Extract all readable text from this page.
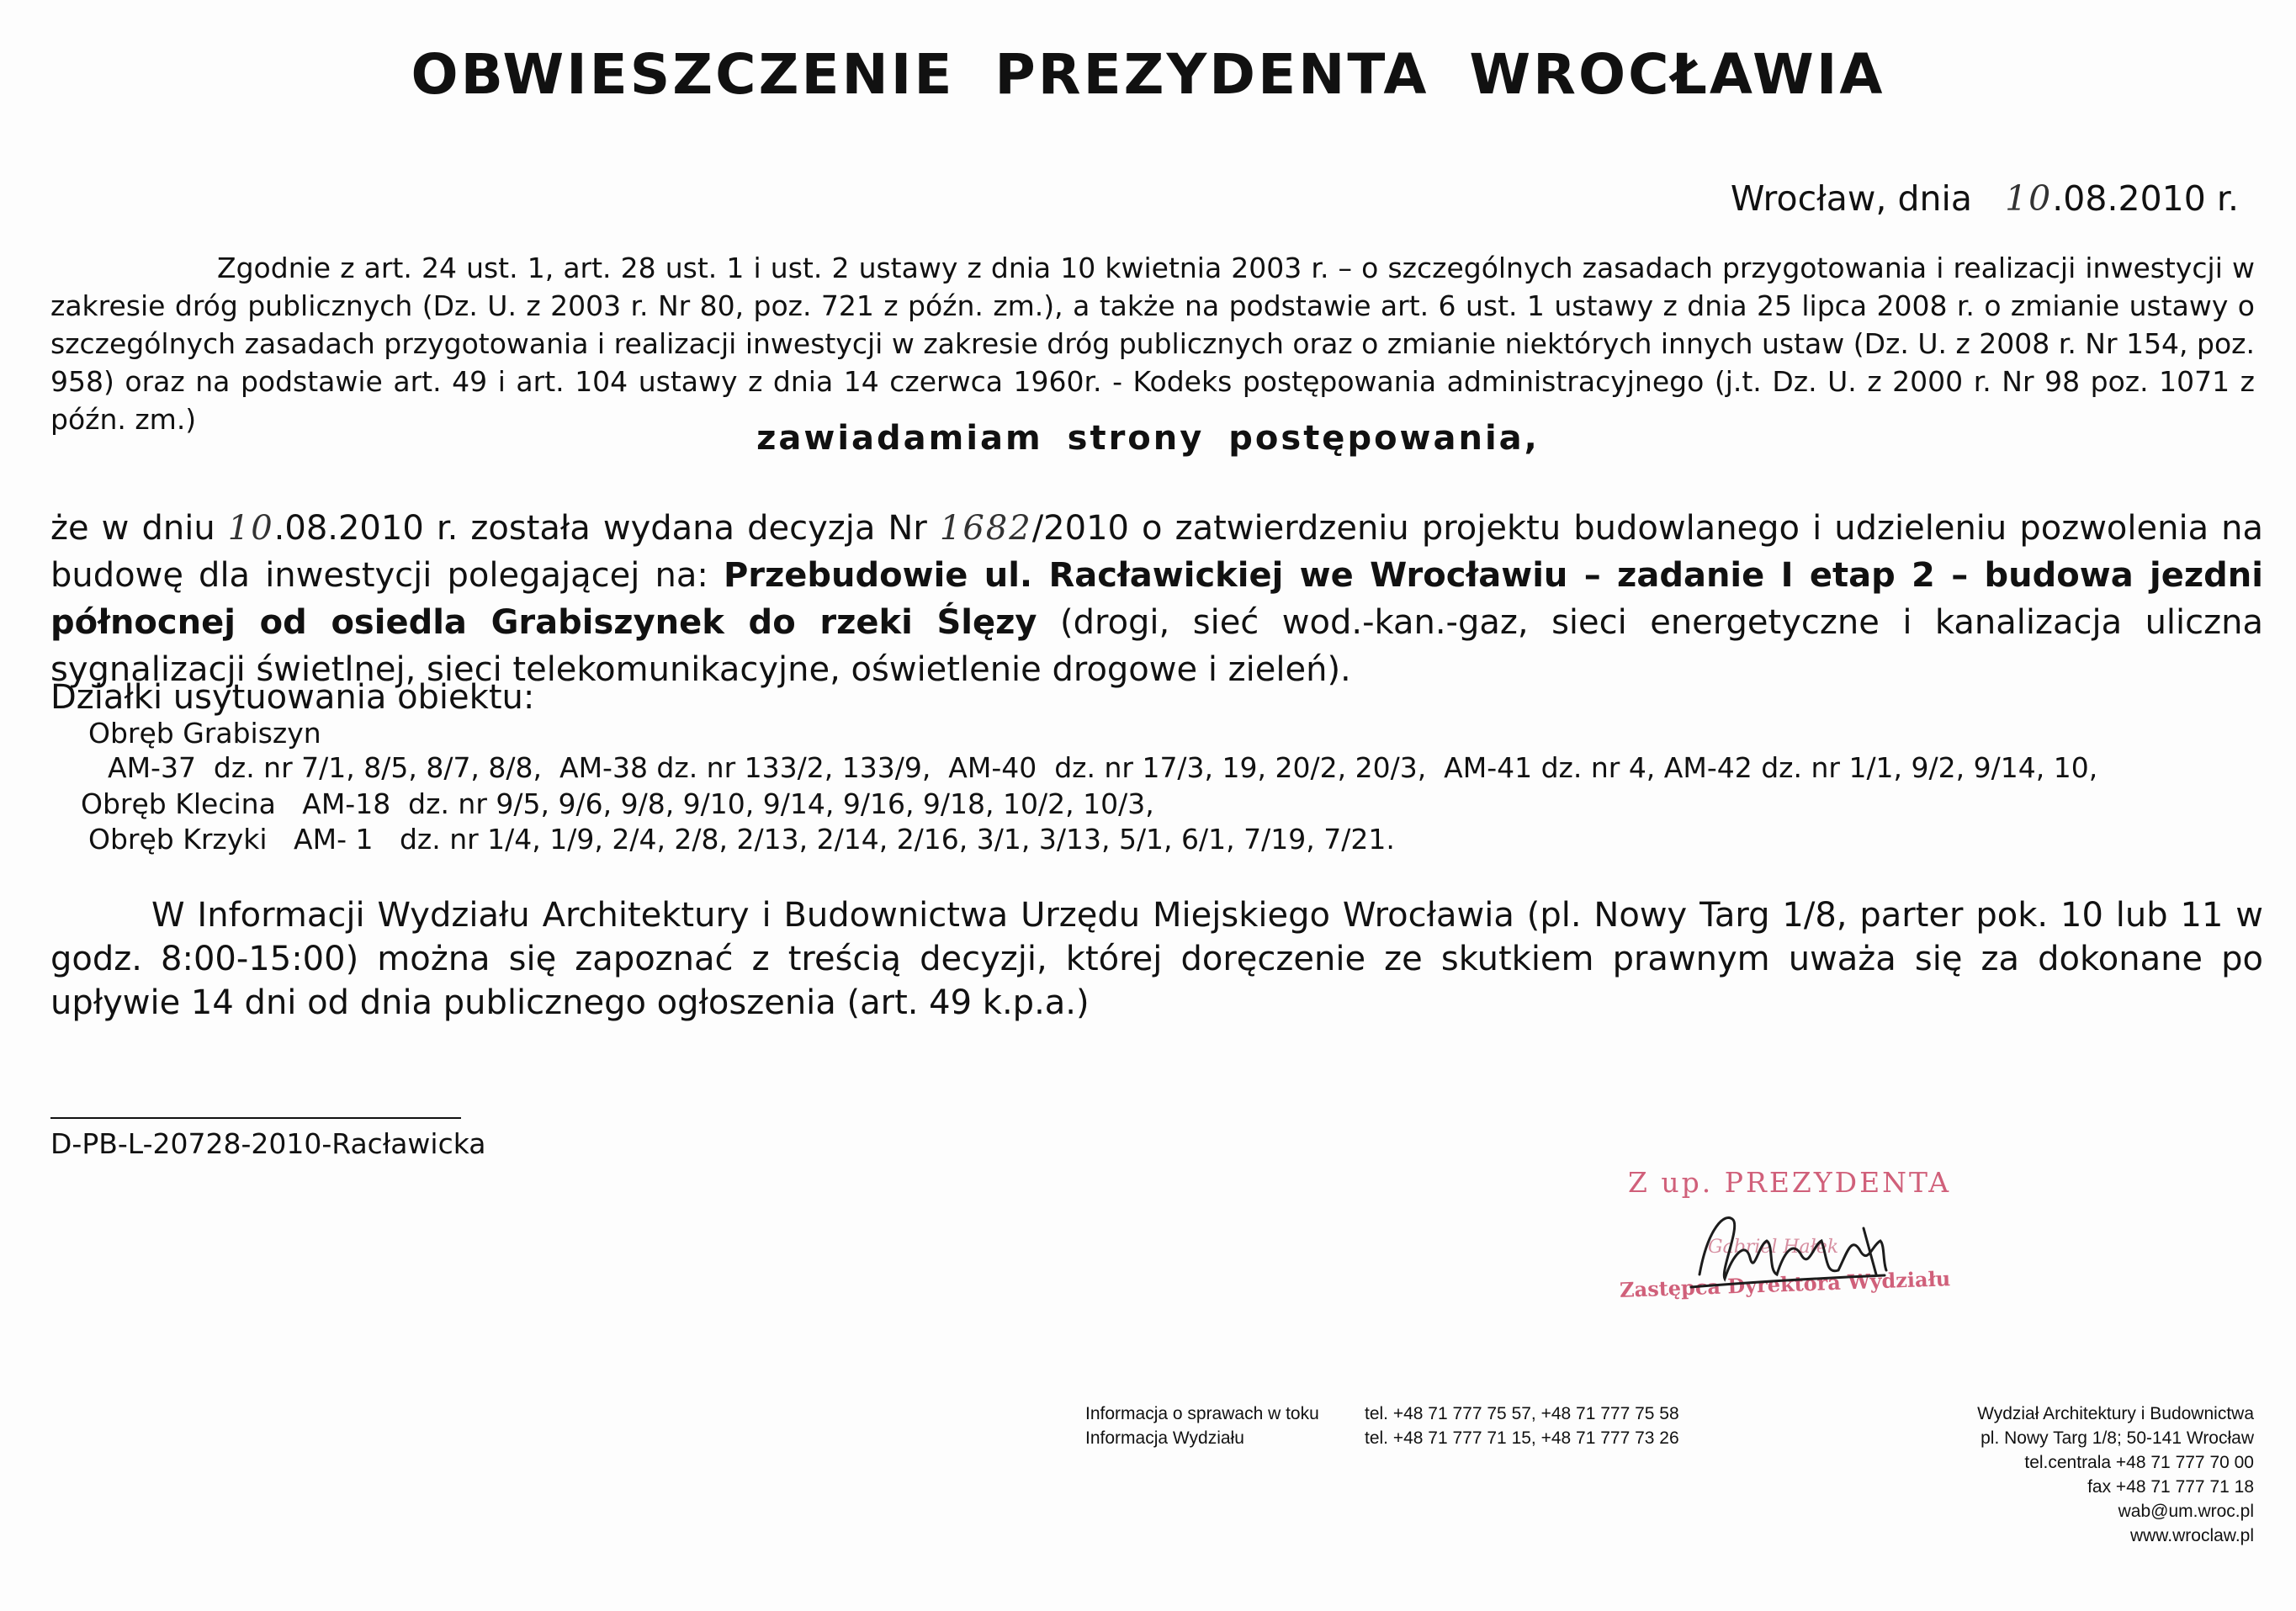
OBWIESZCZENIE PREZYDENTA WROCŁAWIA
Wrocław, dnia 10.08.2010 r.
Zgodnie z art. 24 ust. 1, art. 28 ust. 1 i ust. 2 ustawy z dnia 10 kwietnia 2003 r. – o szczególnych zasadach przygotowania i realizacji inwestycji w zakresie dróg publicznych (Dz. U. z 2003 r. Nr 80, poz. 721 z późn. zm.), a także na podstawie art. 6 ust. 1 ustawy z dnia 25 lipca 2008 r. o zmianie ustawy o szczególnych zasadach przygotowania i realizacji inwestycji w zakresie dróg publicznych oraz o zmianie niektórych innych ustaw (Dz. U. z 2008 r. Nr 154, poz. 958) oraz na podstawie art. 49 i art. 104 ustawy z dnia 14 czerwca 1960r. - Kodeks postępowania administracyjnego (j.t. Dz. U. z 2000 r. Nr 98 poz. 1071 z późn. zm.)	zawiadamiam strony postępowania,
że w dniu 10.08.2010 r. została wydana decyzja Nr 1682/2010 o zatwierdzeniu projektu budowlanego i udzieleniu pozwolenia na budowę dla inwestycji polegającej na: Przebudowie ul. Racławickiej we Wrocławiu – zadanie I etap 2 – budowa jezdni północnej od osiedla Grabiszynek do rzeki Ślęzy (drogi, sieć wod.-kan.-gaz, sieci energetyczne i kanalizacja uliczna sygnalizacji świetlnej, sieci telekomunikacyjne, oświetlenie drogowe i zieleń).
Działki usytuowania obiektu:
Obręb Grabiszyn
AM-37  dz. nr 7/1, 8/5, 8/7, 8/8,  AM-38 dz. nr 133/2, 133/9,  AM-40  dz. nr 17/3, 19, 20/2, 20/3,  AM-41 dz. nr 4, AM-42 dz. nr 1/1, 9/2, 9/14, 10,
Obręb Klecina   AM-18  dz. nr 9/5, 9/6, 9/8, 9/10, 9/14, 9/16, 9/18, 10/2, 10/3,
Obręb Krzyki   AM- 1   dz. nr 1/4, 1/9, 2/4, 2/8, 2/13, 2/14, 2/16, 3/1, 3/13, 5/1, 6/1, 7/19, 7/21.
W Informacji Wydziału Architektury i Budownictwa Urzędu Miejskiego Wrocławia (pl. Nowy Targ 1/8, parter pok. 10 lub 11 w godz. 8:00-15:00) można się zapoznać z treścią decyzji, której doręczenie ze skutkiem prawnym uważa się za dokonane po upływie 14 dni od dnia publicznego ogłoszenia (art. 49 k.p.a.)
D-PB-L-20728-2010-Racławicka
Z up. PREZYDENTA
Gabriel Hałek
Zastępca Dyrektora Wydziału
Informacja o sprawach w toku
Informacja Wydziału
tel. +48 71 777 75 57, +48 71 777 75 58
tel. +48 71 777 71 15, +48 71 777 73 26
Wydział Architektury i Budownictwa
pl. Nowy Targ 1/8; 50-141 Wrocław
tel.centrala +48 71 777 70 00
fax +48 71 777 71 18
wab@um.wroc.pl
www.wroclaw.pl
